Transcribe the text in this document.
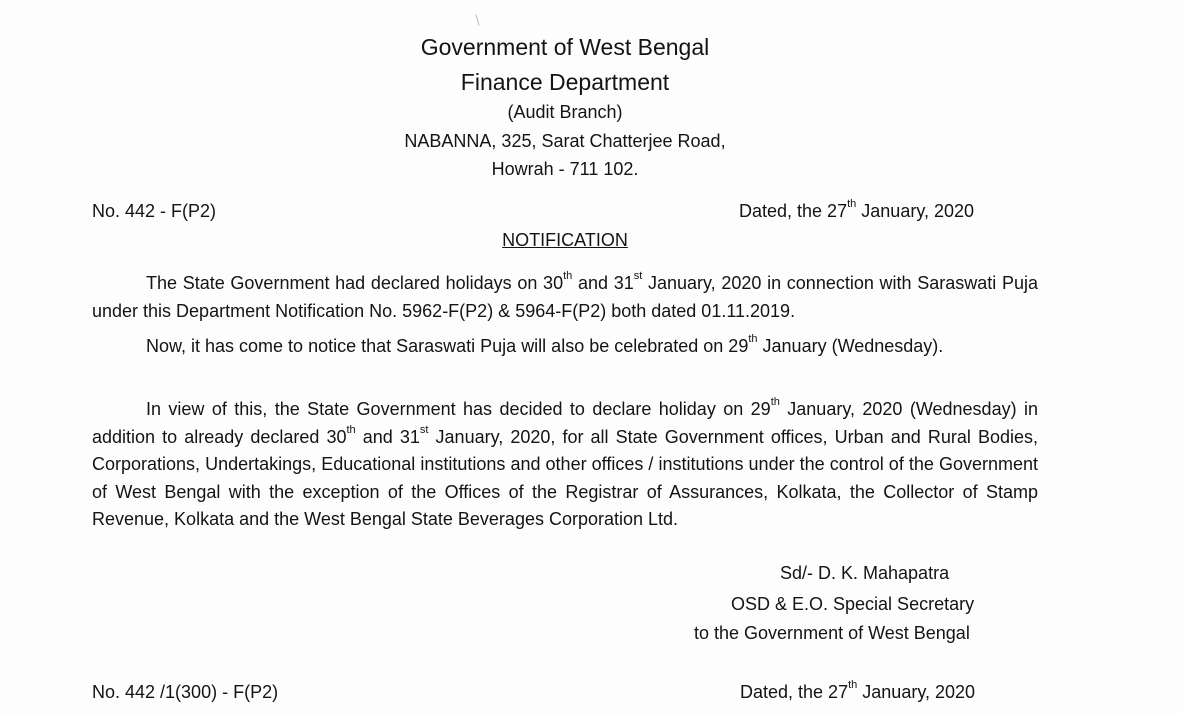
Government of West Bengal
Finance Department
(Audit Branch)
NABANNA, 325, Sarat Chatterjee Road,
Howrah - 711 102.
No. 442 - F(P2)	Dated, the 27th January, 2020
NOTIFICATION
The State Government had declared holidays on 30th and 31st January, 2020 in connection with Saraswati Puja under this Department Notification No. 5962-F(P2) & 5964-F(P2) both dated 01.11.2019.
Now, it has come to notice that Saraswati Puja will also be celebrated on 29th January (Wednesday).
In view of this, the State Government has decided to declare holiday on 29th January, 2020 (Wednesday) in addition to already declared 30th and 31st January, 2020, for all State Government offices, Urban and Rural Bodies, Corporations, Undertakings, Educational institutions and other offices / institutions under the control of the Government of West Bengal with the exception of the Offices of the Registrar of Assurances, Kolkata, the Collector of Stamp Revenue, Kolkata and the West Bengal State Beverages Corporation Ltd.
Sd/- D. K. Mahapatra
OSD & E.O. Special Secretary
to the Government of West Bengal
No. 442 /1(300) - F(P2)	Dated, the 27th January, 2020
